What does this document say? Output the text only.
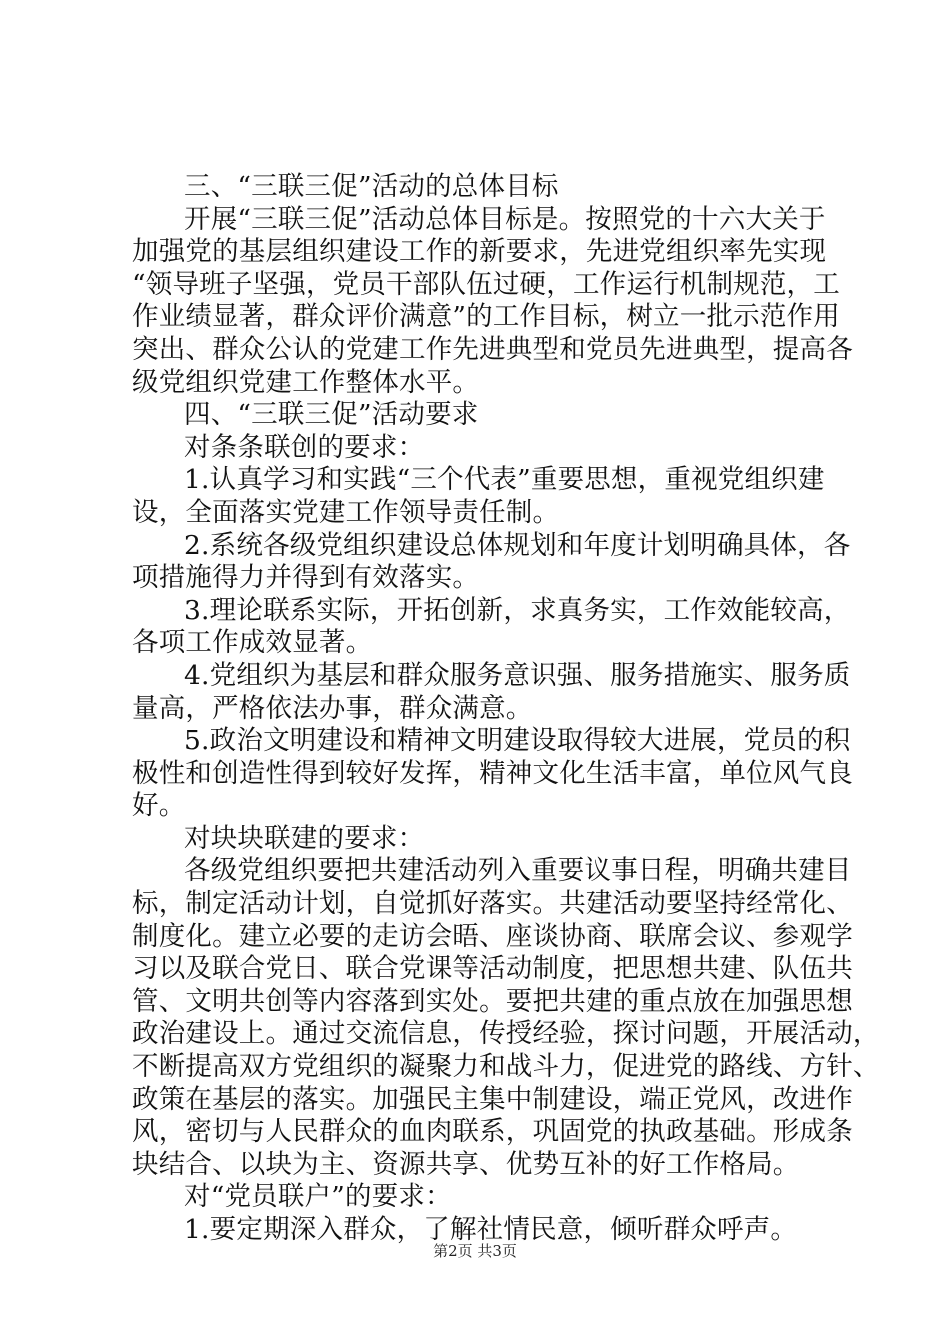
三、“三联三促”活动的总体目标
开展“三联三促”活动总体目标是。按照党的十六大关于
加强党的基层组织建设工作的新要求，先进党组织率先实现
“领导班子坚强，党员干部队伍过硬，工作运行机制规范，工
作业绩显著，群众评价满意”的工作目标，树立一批示范作用
突出、群众公认的党建工作先进典型和党员先进典型，提高各
级党组织党建工作整体水平。
四、“三联三促”活动要求
对条条联创的要求：
1.认真学习和实践“三个代表”重要思想，重视党组织建
设，全面落实党建工作领导责任制。
2.系统各级党组织建设总体规划和年度计划明确具体，各
项措施得力并得到有效落实。
3.理论联系实际，开拓创新，求真务实，工作效能较高，
各项工作成效显著。
4.党组织为基层和群众服务意识强、服务措施实、服务质
量高，严格依法办事，群众满意。
5.政治文明建设和精神文明建设取得较大进展，党员的积
极性和创造性得到较好发挥，精神文化生活丰富，单位风气良
好。
对块块联建的要求：
各级党组织要把共建活动列入重要议事日程，明确共建目
标，制定活动计划，自觉抓好落实。共建活动要坚持经常化、
制度化。建立必要的走访会晤、座谈协商、联席会议、参观学
习以及联合党日、联合党课等活动制度，把思想共建、队伍共
管、文明共创等内容落到实处。要把共建的重点放在加强思想
政治建设上。通过交流信息，传授经验，探讨问题，开展活动，
不断提高双方党组织的凝聚力和战斗力，促进党的路线、方针、
政策在基层的落实。加强民主集中制建设，端正党风，改进作
风，密切与人民群众的血肉联系，巩固党的执政基础。形成条
块结合、以块为主、资源共享、优势互补的好工作格局。
对“党员联户”的要求：
1.要定期深入群众，了解社情民意，倾听群众呼声。
第2页 共3页
